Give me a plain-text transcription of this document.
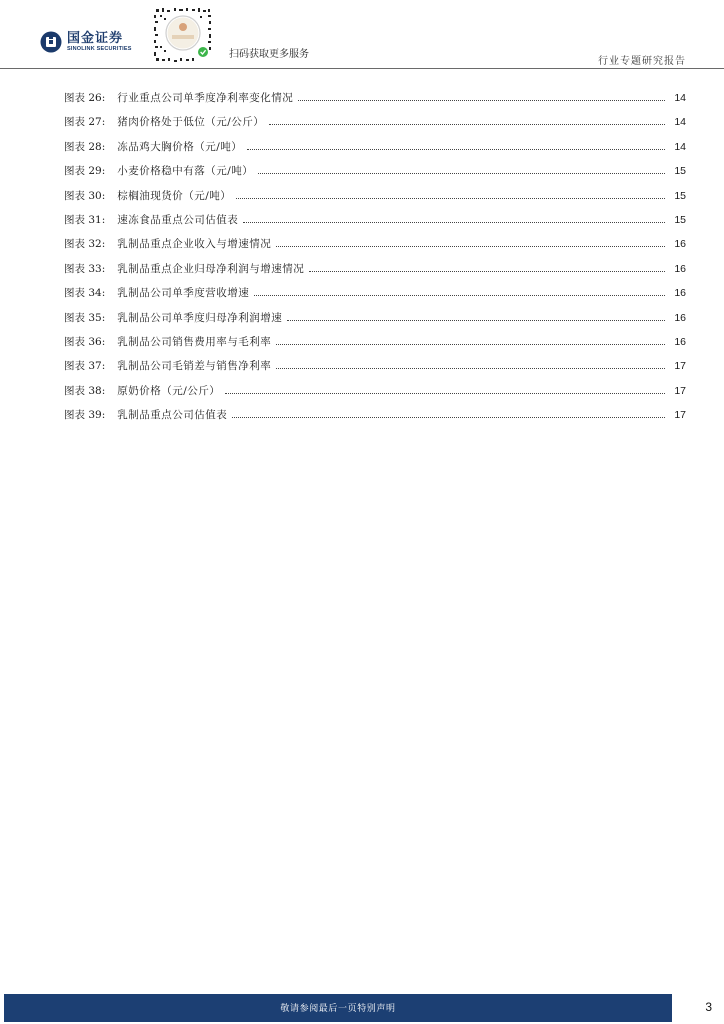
国金证券
SINOLINK SECURITIES
扫码获取更多服务
行业专题研究报告
图表 26: 行业重点公司单季度净利率变化情况	14
图表 27: 猪肉价格处于低位（元/公斤）	14
图表 28: 冻品鸡大胸价格（元/吨）	14
图表 29: 小麦价格稳中有落（元/吨）	15
图表 30: 棕榈油现货价（元/吨）	15
图表 31: 速冻食品重点公司估值表	15
图表 32: 乳制品重点企业收入与增速情况	16
图表 33: 乳制品重点企业归母净利润与增速情况	16
图表 34: 乳制品公司单季度营收增速	16
图表 35: 乳制品公司单季度归母净利润增速	16
图表 36: 乳制品公司销售费用率与毛利率	16
图表 37: 乳制品公司毛销差与销售净利率	17
图表 38: 原奶价格（元/公斤）	17
图表 39: 乳制品重点公司估值表	17
敬请参阅最后一页特别声明	3
